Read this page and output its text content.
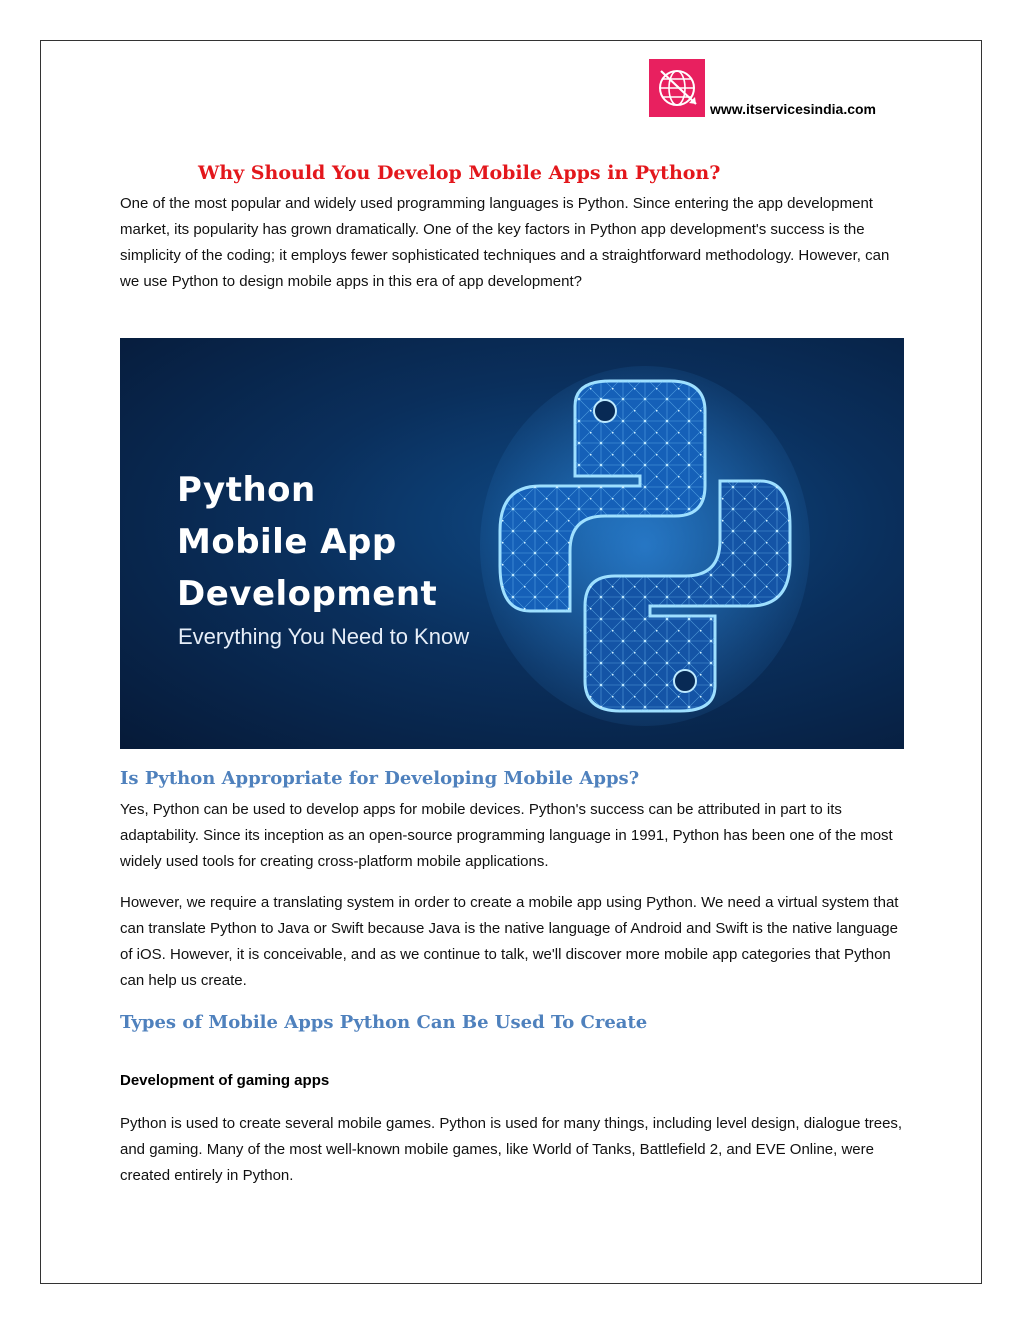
www.itservicesindia.com
Why Should You Develop Mobile Apps in Python?

One of the most popular and widely used programming languages is Python. Since entering the app development market, its popularity has grown dramatically. One of the key factors in Python app development's success is the simplicity of the coding; it employs fewer sophisticated techniques and a straightforward methodology. However, can we use Python to design mobile apps in this era of app development?

Python
Mobile App
Development
Everything You Need to Know
Is Python Appropriate for Developing Mobile Apps?

Yes, Python can be used to develop apps for mobile devices. Python's success can be attributed in part to its adaptability. Since its inception as an open-source programming language in 1991, Python has been one of the most widely used tools for creating cross-platform mobile applications.

However, we require a translating system in order to create a mobile app using Python. We need a virtual system that can translate Python to Java or Swift because Java is the native language of Android and Swift is the native language of iOS. However, it is conceivable, and as we continue to talk, we'll discover more mobile app categories that Python can help us create.

Types of Mobile Apps Python Can Be Used To Create
Development of gaming apps

Python is used to create several mobile games. Python is used for many things, including level design, dialogue trees, and gaming. Many of the most well-known mobile games, like World of Tanks, Battlefield 2, and EVE Online, were created entirely in Python.
